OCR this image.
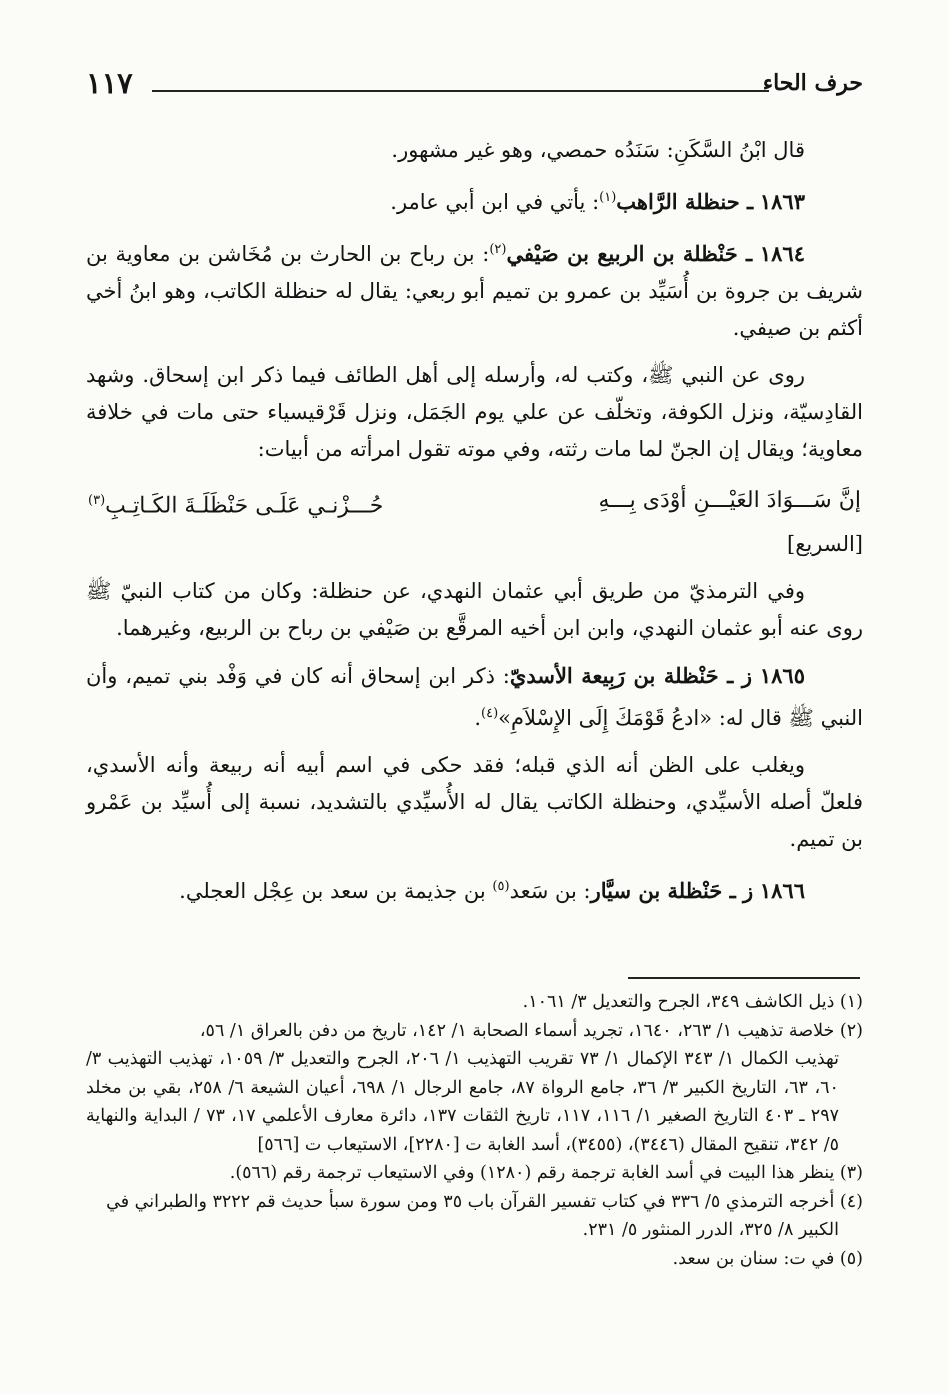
١١٧	حرف الحاء

قال ابْنُ السَّكَنِ: سَنَدُه حمصي، وهو غير مشهور.

١٨٦٣ ـ حنظلة الرَّاهب$^{(١)}$: يأتي في ابن أبي عامر.

١٨٦٤ ـ حَنْظلة بن الربيع بن صَيْفي$^{(٢)}$: بن رباح بن الحارث بن مُخَاشن بن معاوية بن شريف بن جروة بن أُسَيِّد بن عمرو بن تميم أبو ربعي: يقال له حنظلة الكاتب، وهو ابنُ أخي أكثم بن صيفي.

روى عن النبي ﷺ، وكتب له، وأرسله إلى أهل الطائف فيما ذكر ابن إسحاق. وشهد القادِسيّة، ونزل الكوفة، وتخلّف عن علي يوم الجَمَل، ونزل قَرْقيسياء حتى مات في خلافة معاوية؛ ويقال إن الجنّ لما مات رثته، وفي موته تقول امرأته من أبيات:

إنَّ سَـــوَادَ العَيْـــنِ أوْدَى بِـــهِ
حُـــزْنـي عَلَـى حَنْظَلَـةَ الكَـاتِـبِ$^{(٣)}$

[السريع]

وفي الترمذيّ من طريق أبي عثمان النهدي، عن حنظلة: وكان من كتاب النبيّ ﷺ روى عنه أبو عثمان النهدي، وابن ابن أخيه المرقَّع بن صَيْفي بن رباح بن الربيع، وغيرهما.

١٨٦٥ ز ـ حَنْظلة بن رَبِيعة الأسديّ: ذكر ابن إسحاق أنه كان في وَفْد بني تميم، وأن النبي ﷺ قال له: «ادعُ قَوْمَكَ إِلَى الإِسْلاَمِ»$^{(٤)}$.

ويغلب على الظن أنه الذي قبله؛ فقد حكى في اسم أبيه أنه ربيعة وأنه الأسدي، فلعلّ أصله الأسيِّدي، وحنظلة الكاتب يقال له الأُسيِّدي بالتشديد، نسبة إلى أُسيِّد بن عَمْرو بن تميم.

١٨٦٦ ز ـ حَنْظلة بن سيَّار: بن سَعد$^{(٥)}$ بن جذيمة بن سعد بن عِجْل العجلي.

(١) ذيل الكاشف ٣٤٩، الجرح والتعديل ٣/ ١٠٦١.

(٢) خلاصة تذهيب ١/ ٢٦٣، ١٦٤٠، تجريد أسماء الصحابة ١/ ١٤٢، تاريخ من دفن بالعراق ١/ ٥٦،

تهذيب الكمال ١/ ٣٤٣ الإكمال ١/ ٧٣ تقريب التهذيب ١/ ٢٠٦، الجرح والتعديل ٣/ ١٠٥٩، تهذيب التهذيب ٣/ ٦٠، ٦٣، التاريخ الكبير ٣/ ٣٦، جامع الرواة ٨٧، جامع الرجال ١/ ٦٩٨، أعيان الشيعة ٦/ ٢٥٨، بقي بن مخلد ٢٩٧ ـ ٤٠٣ التاريخ الصغير ١/ ١١٦، ١١٧، تاريخ الثقات ١٣٧، دائرة معارف الأعلمي ١٧، ٧٣ / البداية والنهاية ٥/ ٣٤٢، تنقيح المقال (٣٤٤٦)، (٣٤٥٥)، أسد الغابة ت [٢٢٨٠]، الاستيعاب ت [٥٦٦]

(٣) ينظر هذا البيت في أسد الغابة ترجمة رقم (١٢٨٠) وفي الاستيعاب ترجمة رقم (٥٦٦).

(٤) أخرجه الترمذي ٥/ ٣٣٦ في كتاب تفسير القرآن باب ٣٥ ومن سورة سبأ حديث قم ٣٢٢٢ والطبراني في

الكبير ٨/ ٣٢٥، الدرر المنثور ٥/ ٢٣١.

(٥) في ت: سنان بن سعد.
